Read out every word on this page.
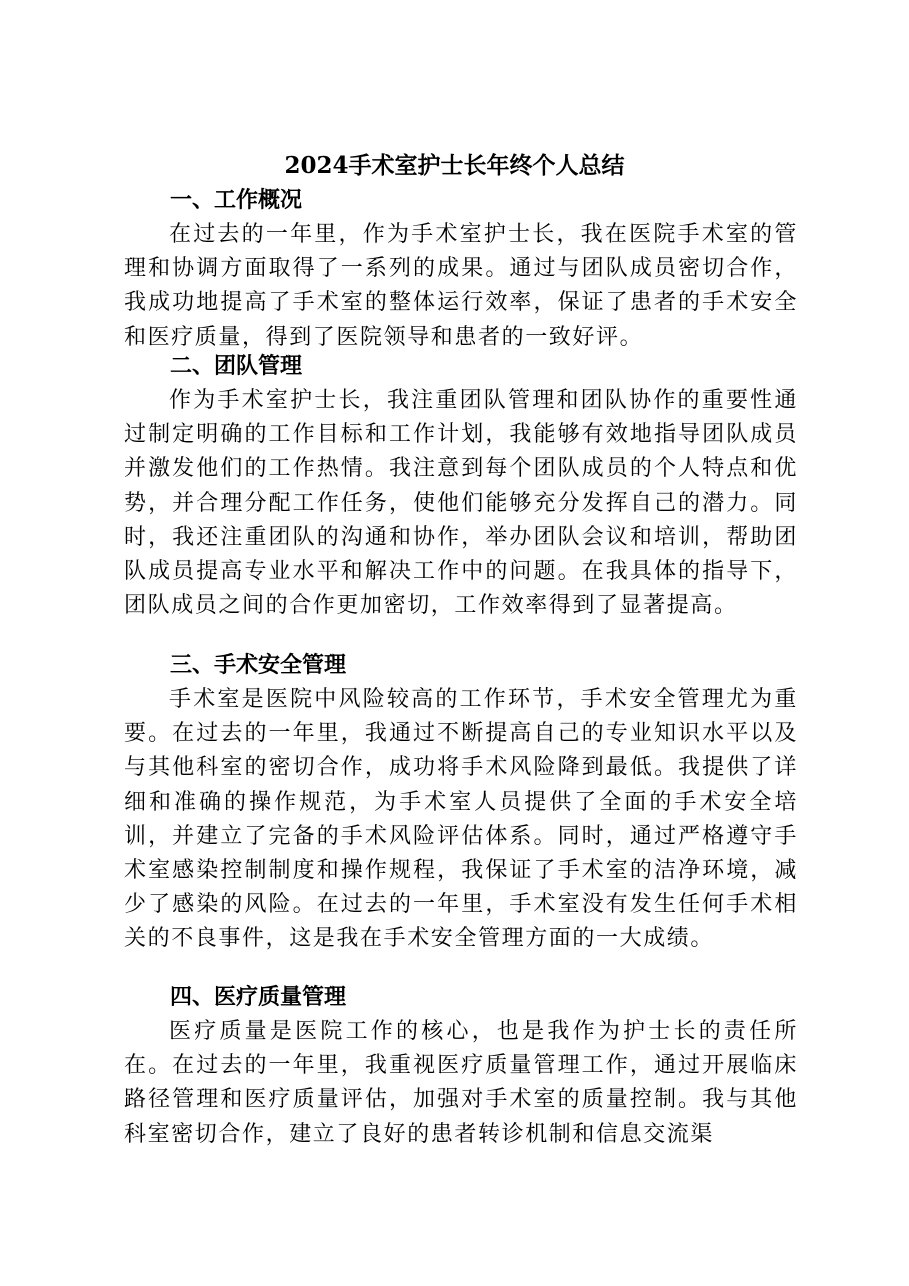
2024手术室护士长年终个人总结
一、工作概况

在过去的一年里，作为手术室护士长，我在医院手术室的管理和协调方面取得了一系列的成果。通过与团队成员密切合作，我成功地提高了手术室的整体运行效率，保证了患者的手术安全和医疗质量，得到了医院领导和患者的一致好评。

二、团队管理

作为手术室护士长，我注重团队管理和团队协作的重要性通过制定明确的工作目标和工作计划，我能够有效地指导团队成员并激发他们的工作热情。我注意到每个团队成员的个人特点和优势，并合理分配工作任务，使他们能够充分发挥自己的潜力。同时，我还注重团队的沟通和协作，举办团队会议和培训，帮助团队成员提高专业水平和解决工作中的问题。在我具体的指导下，团队成员之间的合作更加密切，工作效率得到了显著提高。

三、手术安全管理

手术室是医院中风险较高的工作环节，手术安全管理尤为重要。在过去的一年里，我通过不断提高自己的专业知识水平以及与其他科室的密切合作，成功将手术风险降到最低。我提供了详细和准确的操作规范，为手术室人员提供了全面的手术安全培训，并建立了完备的手术风险评估体系。同时，通过严格遵守手术室感染控制制度和操作规程，我保证了手术室的洁净环境，减少了感染的风险。在过去的一年里，手术室没有发生任何手术相关的不良事件，这是我在手术安全管理方面的一大成绩。

四、医疗质量管理

医疗质量是医院工作的核心，也是我作为护士长的责任所在。在过去的一年里，我重视医疗质量管理工作，通过开展临床路径管理和医疗质量评估，加强对手术室的质量控制。我与其他科室密切合作，建立了良好的患者转诊机制和信息交流渠
